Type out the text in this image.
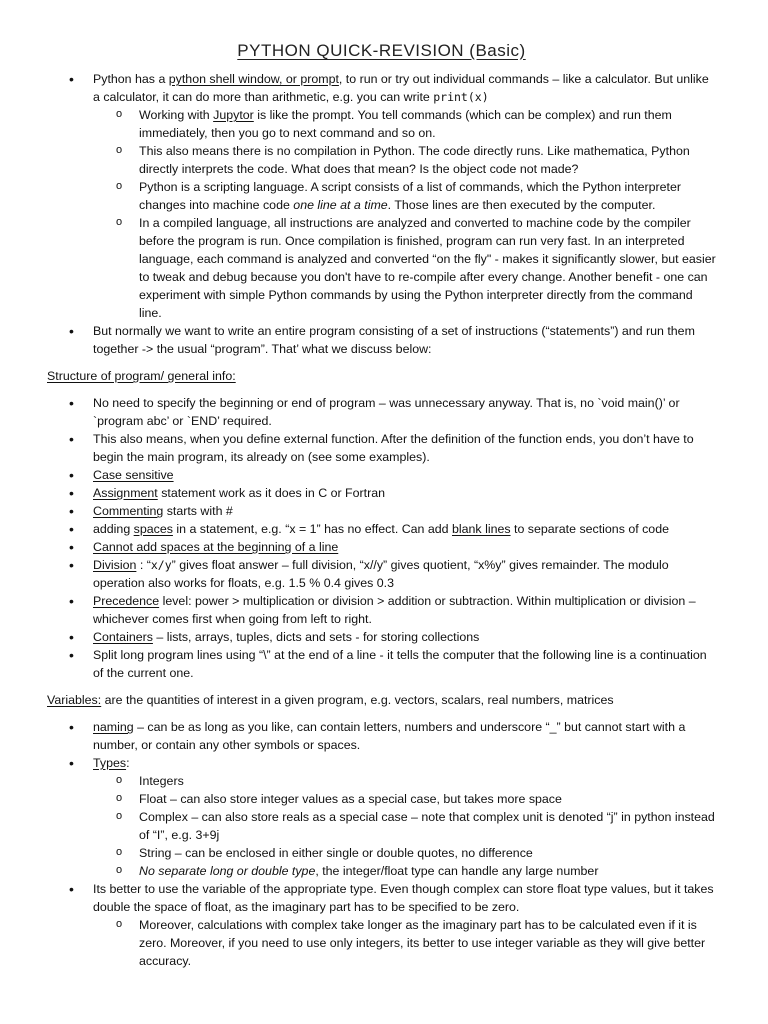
PYTHON QUICK-REVISION (Basic)
• Python has a python shell window, or prompt, to run or try out individual commands – like a calculator. But unlike a calculator, it can do more than arithmetic, e.g. you can write print(x)
o Working with Jupytor is like the prompt. You tell commands (which can be complex) and run them immediately, then you go to next command and so on.
o This also means there is no compilation in Python. The code directly runs. Like mathematica, Python directly interprets the code. What does that mean? Is the object code not made?
o Python is a scripting language. A script consists of a list of commands, which the Python interpreter changes into machine code one line at a time. Those lines are then executed by the computer.
o In a compiled language, all instructions are analyzed and converted to machine code by the compiler before the program is run. Once compilation is finished, program can run very fast. In an interpreted language, each command is analyzed and converted “on the fly" - makes it significantly slower, but easier to tweak and debug because you don't have to re-compile after every change. Another benefit - one can experiment with simple Python commands by using the Python interpreter directly from the command line.
• But normally we want to write an entire program consisting of a set of instructions (“statements”) and run them together -> the usual “program”. That’ what we discuss below:
Structure of program/ general info:
• No need to specify the beginning or end of program – was unnecessary anyway. That is, no `void main()’ or `program abc’ or `END’ required.
• This also means, when you define external function. After the definition of the function ends, you don’t have to begin the main program, its already on (see some examples).
• Case sensitive
• Assignment statement work as it does in C or Fortran
• Commenting starts with #
• adding spaces in a statement, e.g. “x = 1” has no effect. Can add blank lines to separate sections of code
• Cannot add spaces at the beginning of a line
• Division : “x/y” gives float answer – full division, “x//y” gives quotient, “x%y” gives remainder. The modulo operation also works for floats, e.g. 1.5 % 0.4 gives 0.3
• Precedence level: power > multiplication or division > addition or subtraction. Within multiplication or division – whichever comes first when going from left to right.
• Containers – lists, arrays, tuples, dicts and sets - for storing collections
• Split long program lines using “\” at the end of a line - it tells the computer that the following line is a continuation of the current one.
Variables: are the quantities of interest in a given program, e.g. vectors, scalars, real numbers, matrices
• naming – can be as long as you like, can contain letters, numbers and underscore “_” but cannot start with a number, or contain any other symbols or spaces.
• Types:
o Integers
o Float – can also store integer values as a special case, but takes more space
o Complex – can also store reals as a special case – note that complex unit is denoted “j” in python instead of “I”, e.g. 3+9j
o String – can be enclosed in either single or double quotes, no difference
o No separate long or double type, the integer/float type can handle any large number
• Its better to use the variable of the appropriate type. Even though complex can store float type values, but it takes double the space of float, as the imaginary part has to be specified to be zero.
o Moreover, calculations with complex take longer as the imaginary part has to be calculated even if it is zero. Moreover, if you need to use only integers, its better to use integer variable as they will give better accuracy.
